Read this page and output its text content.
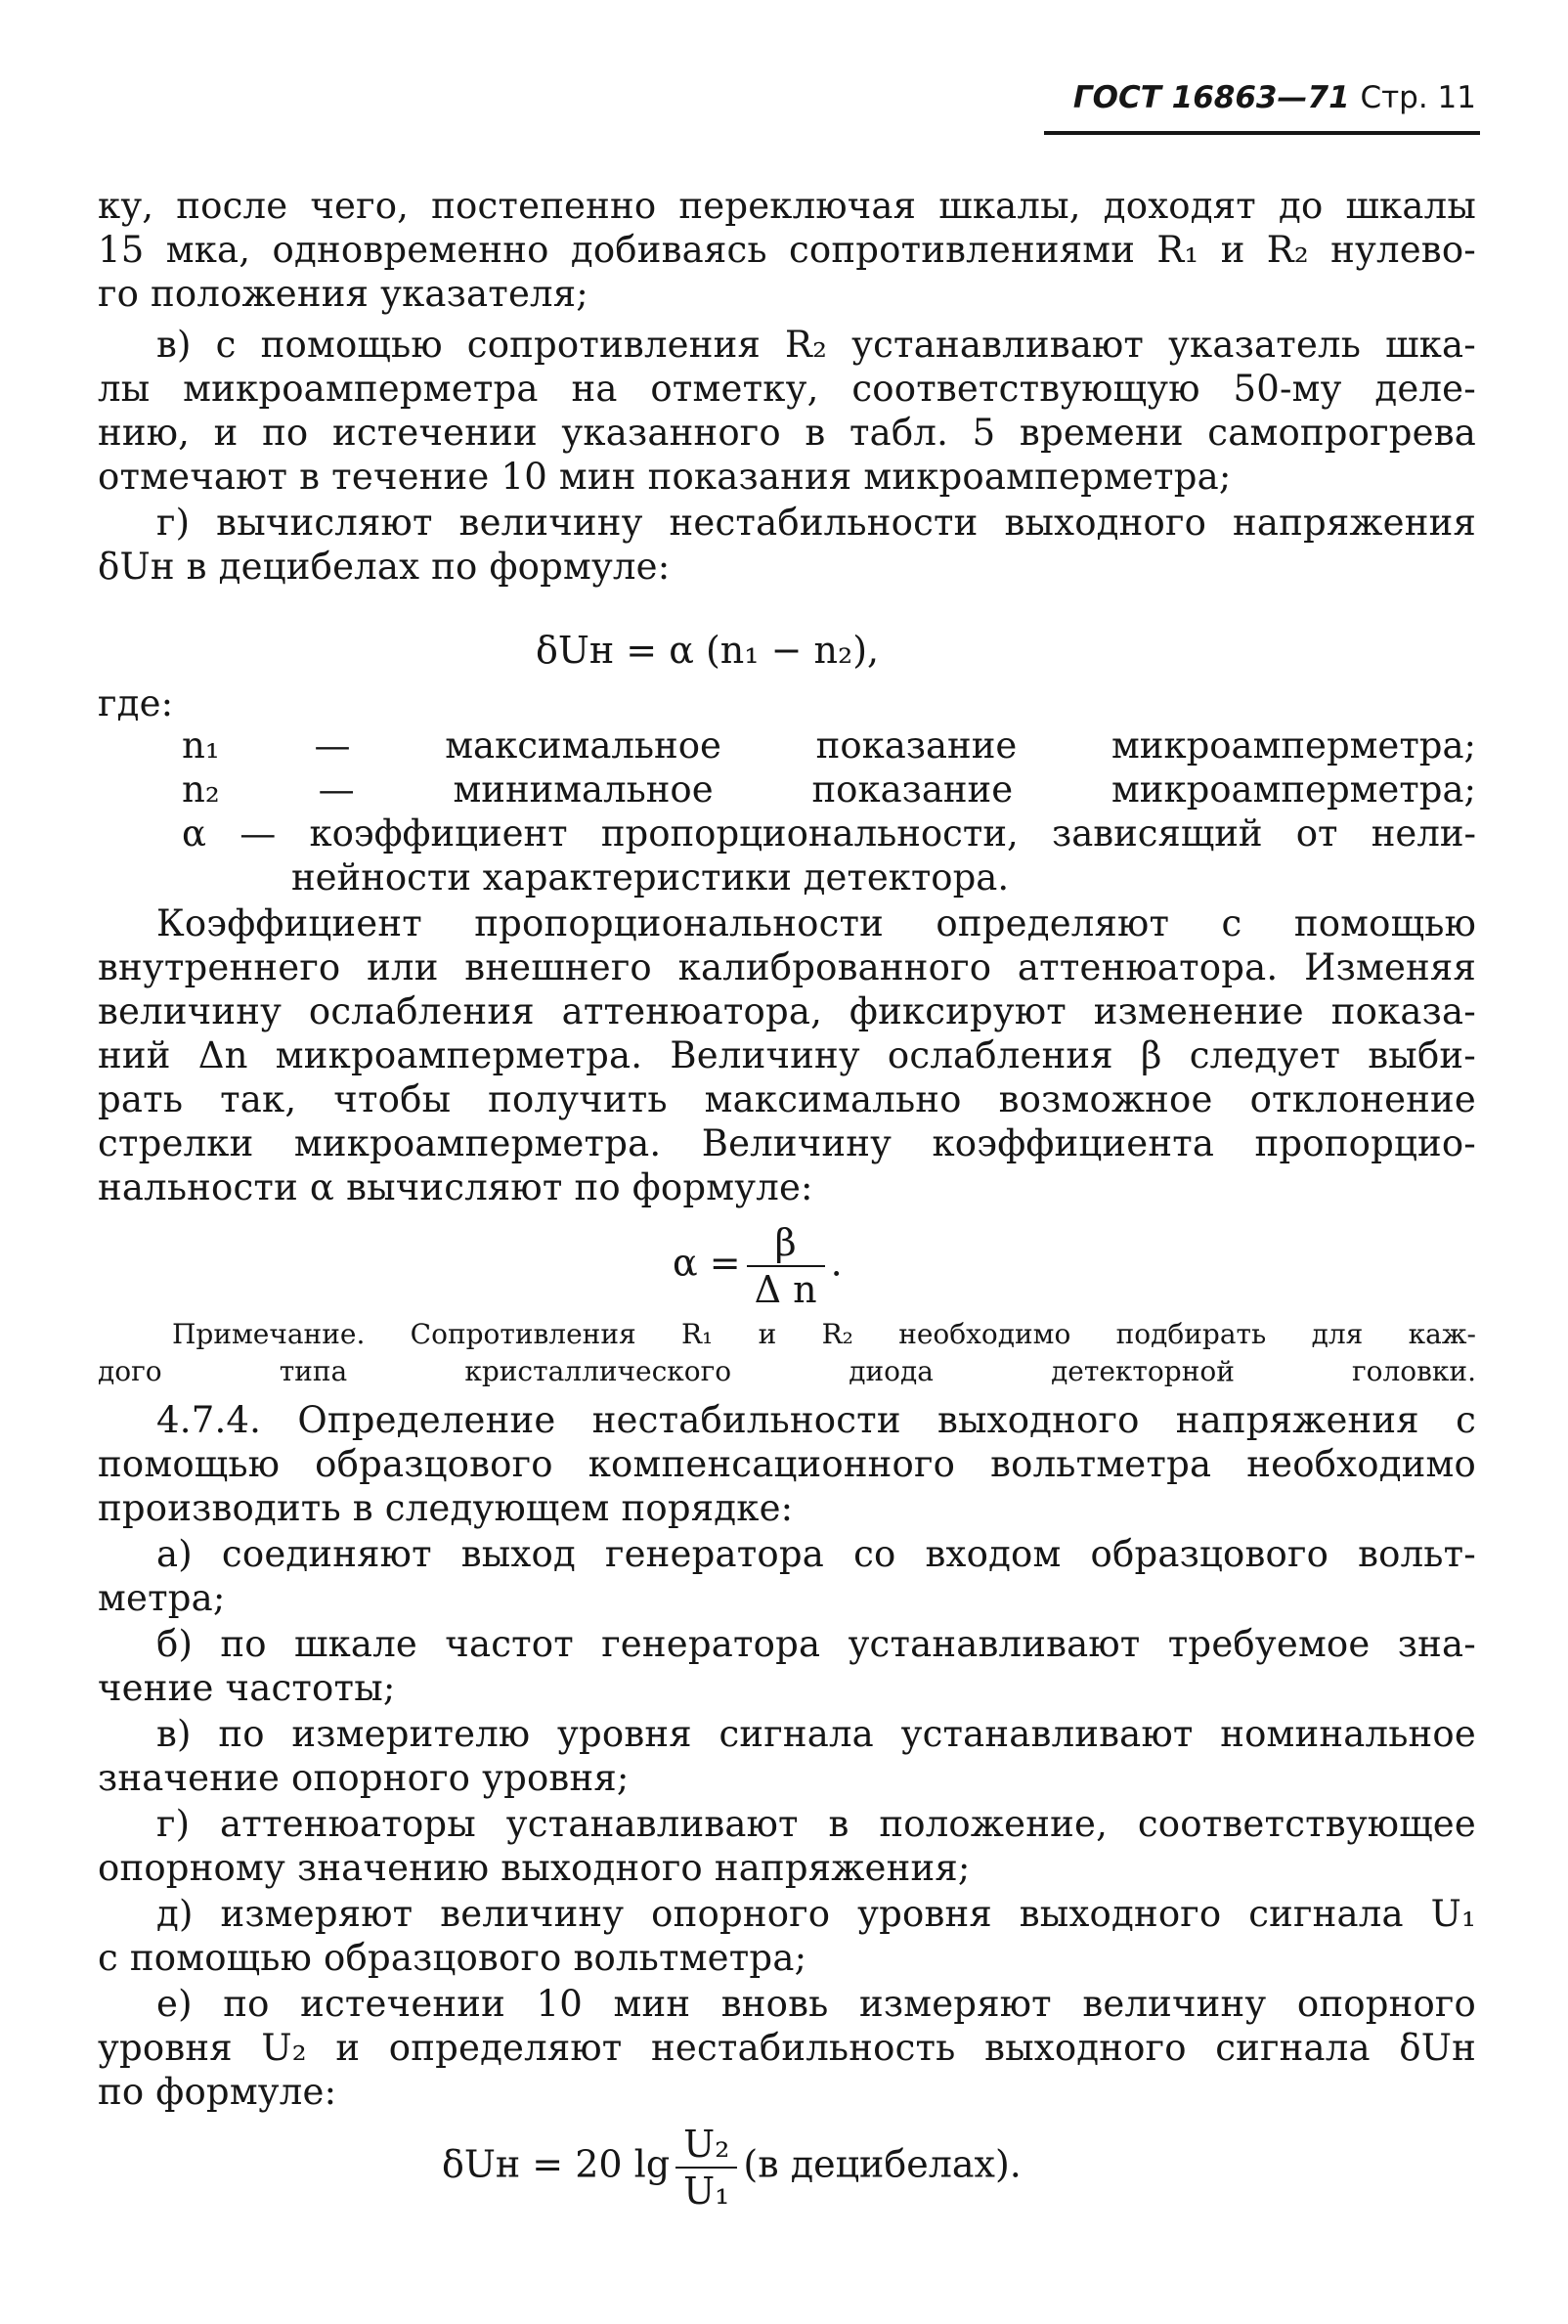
ГОСТ 16863—71 Стр. 11

ку, после чего, постепенно переключая шкалы, доходят до шкалы

15 мка, одновременно добиваясь сопротивлениями R₁ и R₂ нулево-

го положения указателя;

в) с помощью сопротивления R₂ устанавливают указатель шка-

лы микроамперметра на отметку, соответствующую 50-му деле-

нию, и по истечении указанного в табл. 5 времени самопрогрева

отмечают в течение 10 мин показания микроамперметра;

г) вычисляют величину нестабильности выходного напряжения

δUн в децибелах по формуле:

δUн = α (n₁ − n₂),

где:

n₁ — максимальное показание микроамперметра;

n₂ — минимальное показание микроамперметра;

α — коэффициент пропорциональности, зависящий от нели-

нейности характеристики детектора.

Коэффициент пропорциональности определяют с помощью

внутреннего или внешнего калиброванного аттенюатора. Изменяя

величину ослабления аттенюатора, фиксируют изменение показа-

ний Δn микроамперметра. Величину ослабления β следует выби-

рать так, чтобы получить максимально возможное отклонение

стрелки микроамперметра. Величину коэффициента пропорцио-

нальности α вычисляют по формуле:

$\alpha = \frac{\beta}{\text{Δ n}}$ .

Примечание. Сопротивления R₁ и R₂ необходимо подбирать для каж-

дого типа кристаллического диода детекторной головки.

4.7.4. Определение нестабильности выходного напряжения с

помощью образцового компенсационного вольтметра необходимо

производить в следующем порядке:

а) соединяют выход генератора со входом образцового вольт-

метра;

б) по шкале частот генератора устанавливают требуемое зна-

чение частоты;

в) по измерителю уровня сигнала устанавливают номинальное

значение опорного уровня;

г) аттенюаторы устанавливают в положение, соответствующее

опорному значению выходного напряжения;

д) измеряют величину опорного уровня выходного сигнала U₁

с помощью образцового вольтметра;

е) по истечении 10 мин вновь измеряют величину опорного

уровня U₂ и определяют нестабильность выходного сигнала δUн

по формуле:

δUн = 20 $\lg \frac{\text{U₂}}{\text{U₁}} (в$ децибелах).
